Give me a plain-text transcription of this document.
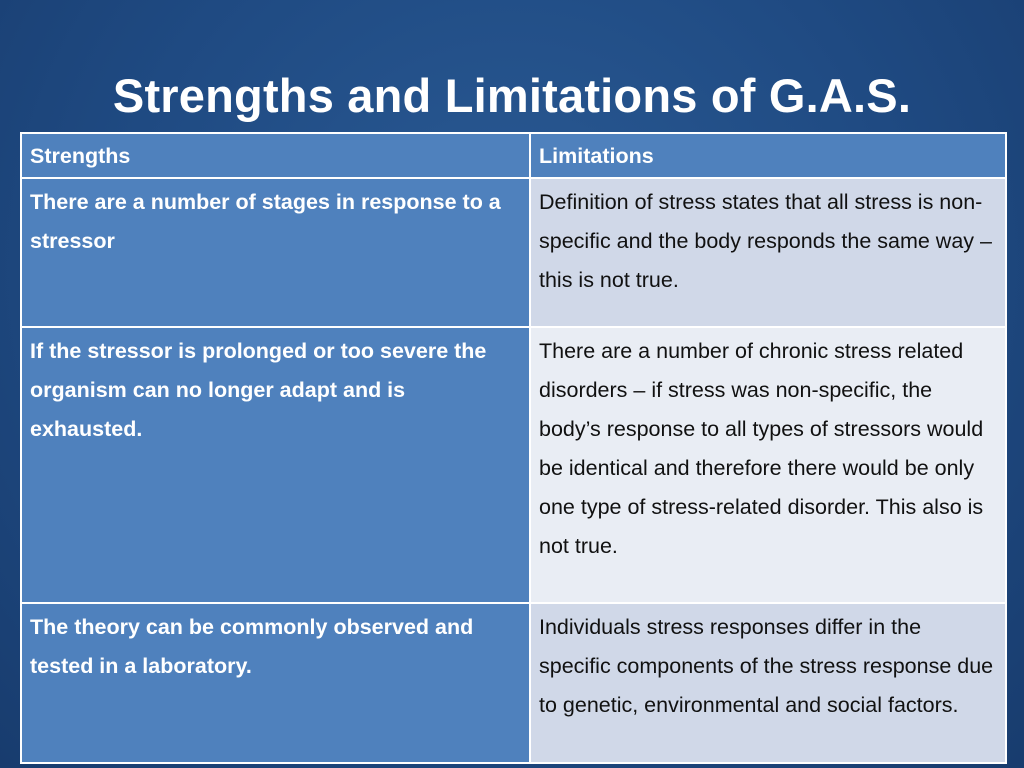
Strengths and Limitations of G.A.S.
Strengths	Limitations
There are a number of stages in response to a stressor	Definition of stress states that all stress is non-specific and the body responds the same way – this is not true.
If the stressor is prolonged or too severe the organism can no longer adapt and is exhausted.	There are a number of chronic stress related disorders – if stress was non-specific, the body’s response to all types of stressors would be identical and therefore there would be only one type of stress-related disorder. This also is not true.
The theory can be commonly observed and tested in a laboratory.	Individuals stress responses differ in the specific components of the stress response due to genetic, environmental and social factors.
